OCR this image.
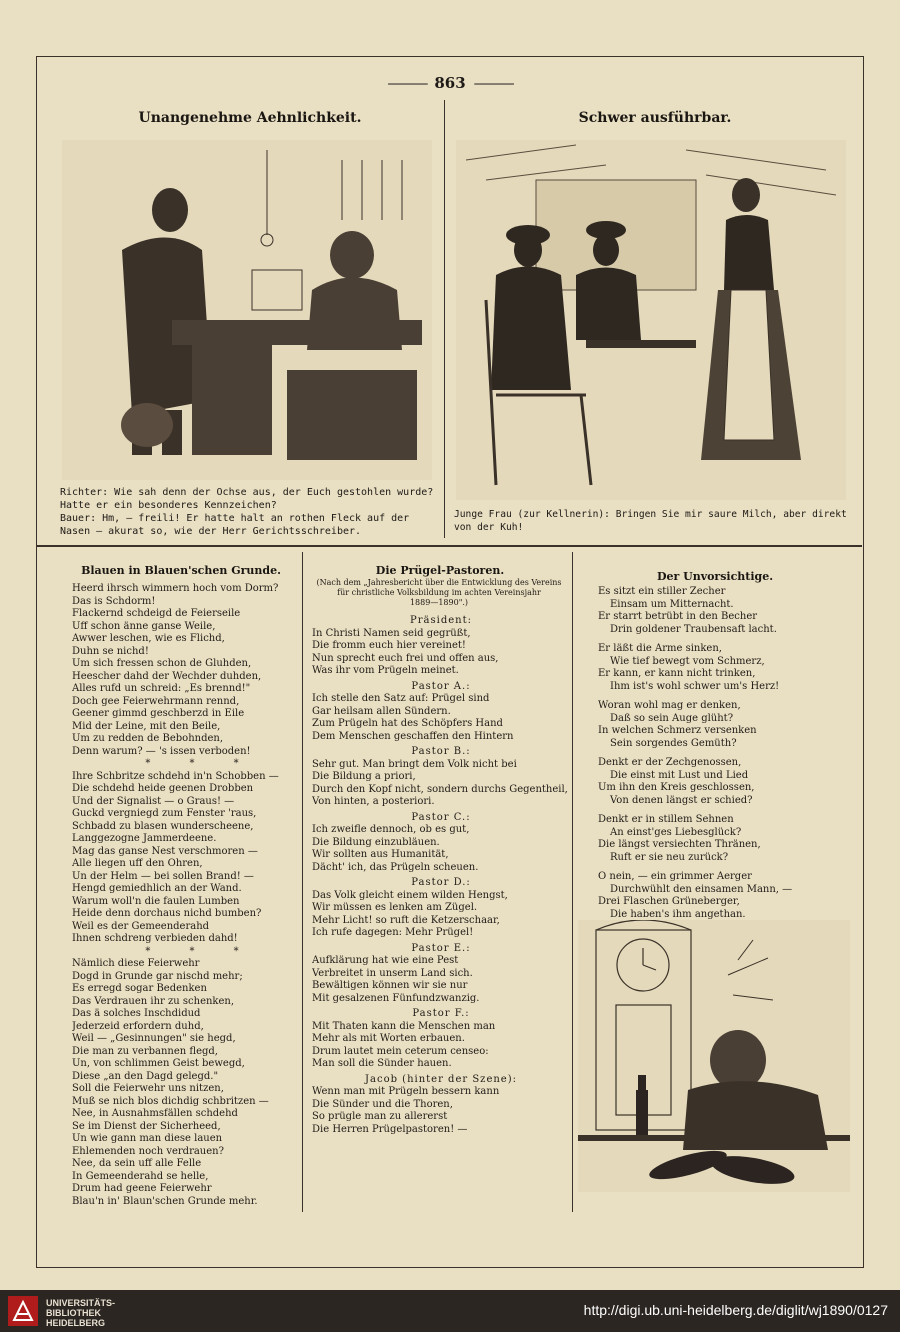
——— 863 ———
Unangenehme Aehnlichkeit.	Schwer ausführbar.
Richter: Wie sah denn der Ochse aus, der Euch gestohlen wurde?
Hatte er ein besonderes Kennzeichen?
Bauer: Hm, — freili! Er hatte halt an rothen Fleck auf der
Nasen — akurat so, wie der Herr Gerichtsschreiber.
Junge Frau (zur Kellnerin): Bringen Sie mir saure Milch, aber direkt
von der Kuh!
Blauen in Blauen'schen Grunde.
Heerd ihrsch wimmern hoch vom Dorm?
Das is Schdorm!
Flackernd schdeigd de Feierseile
Uff schon änne ganse Weile,
Awwer leschen, wie es Flichd,
Duhn se nichd!
Um sich fressen schon de Gluhden,
Heescher dahd der Wechder duhden,
Alles rufd un schreid: „Es brennd!"
Doch gee Feierwehrmann rennd,
Geener gimmd geschberzd in Eile
Mid der Leine, mit den Beile,
Um zu redden de Bebohnden,
Denn warum? — 's issen verboden!
* * *
Ihre Schbritze schdehd in'n Schobben —
Die schdehd heide geenen Drobben
Und der Signalist — o Graus! —
Guckd vergniegd zum Fenster 'raus,
Schbadd zu blasen wunderscheene,
Langgezogne Jammerdeene.
Mag das ganse Nest verschmoren —
Alle liegen uff den Ohren,
Un der Helm — bei sollen Brand! —
Hengd gemiedhlich an der Wand.
Warum woll'n die faulen Lumben
Heide denn dorchaus nichd bumben?
Weil es der Gemeenderahd
Ihnen schdreng verbieden dahd!
* * *
Nämlich diese Feierwehr
Dogd in Grunde gar nischd mehr;
Es erregd sogar Bedenken
Das Verdrauen ihr zu schenken,
Das ä solches Inschdidud
Jederzeid erfordern duhd,
Weil — „Gesinnungen" sie hegd,
Die man zu verbannen flegd,
Un, von schlimmen Geist bewegd,
Diese „an den Dagd gelegd."
Soll die Feierwehr uns nitzen,
Muß se nich blos dichdig schbritzen —
Nee, in Ausnahmsfällen schdehd
Se im Dienst der Sicherheed,
Un wie gann man diese lauen
Ehlemenden noch verdrauen?
Nee, da sein uff alle Felle
In Gemeenderahd se helle,
Drum had geene Feierwehr
Blau'n in' Blaun'schen Grunde mehr.
Die Prügel-Pastoren.
(Nach dem „Jahresbericht über die Entwicklung des Vereins
für christliche Volksbildung im achten Vereinsjahr
1889—1890".)
Präsident:
In Christi Namen seid gegrüßt,
Die fromm euch hier vereinet!
Nun sprecht euch frei und offen aus,
Was ihr vom Prügeln meinet.
Pastor A.:
Ich stelle den Satz auf: Prügel sind
Gar heilsam allen Sündern.
Zum Prügeln hat des Schöpfers Hand
Dem Menschen geschaffen den Hintern
Pastor B.:
Sehr gut. Man bringt dem Volk nicht bei
Die Bildung a priori,
Durch den Kopf nicht, sondern durchs Gegentheil,
Von hinten, a posteriori.
Pastor C.:
Ich zweifle dennoch, ob es gut,
Die Bildung einzubläuen.
Wir sollten aus Humanität,
Dächt' ich, das Prügeln scheuen.
Pastor D.:
Das Volk gleicht einem wilden Hengst,
Wir müssen es lenken am Zügel.
Mehr Licht! so ruft die Ketzerschaar,
Ich rufe dagegen: Mehr Prügel!
Pastor E.:
Aufklärung hat wie eine Pest
Verbreitet in unserm Land sich.
Bewältigen können wir sie nur
Mit gesalzenen Fünfundzwanzig.
Pastor F.:
Mit Thaten kann die Menschen man
Mehr als mit Worten erbauen.
Drum lautet mein ceterum censeo:
Man soll die Sünder hauen.
Jacob (hinter der Szene):
Wenn man mit Prügeln bessern kann
Die Sünder und die Thoren,
So prügle man zu allererst
Die Herren Prügelpastoren! —
Der Unvorsichtige.
Es sitzt ein stiller Zecher
Einsam um Mitternacht.
Er starrt betrübt in den Becher
Drin goldener Traubensaft lacht.
Er läßt die Arme sinken,
Wie tief bewegt vom Schmerz,
Er kann, er kann nicht trinken,
Ihm ist's wohl schwer um's Herz!
Woran wohl mag er denken,
Daß so sein Auge glüht?
In welchen Schmerz versenken
Sein sorgendes Gemüth?
Denkt er der Zechgenossen,
Die einst mit Lust und Lied
Um ihn den Kreis geschlossen,
Von denen längst er schied?
Denkt er in stillem Sehnen
An einst'ges Liebesglück?
Die längst versiechten Thränen,
Ruft er sie neu zurück?
O nein, — ein grimmer Aerger
Durchwühlt den einsamen Mann, —
Drei Flaschen Grüneberger,
Die haben's ihm angethan.
UNIVERSITÄTS-
BIBLIOTHEK
HEIDELBERG
http://digi.ub.uni-heidelberg.de/diglit/wj1890/0127
